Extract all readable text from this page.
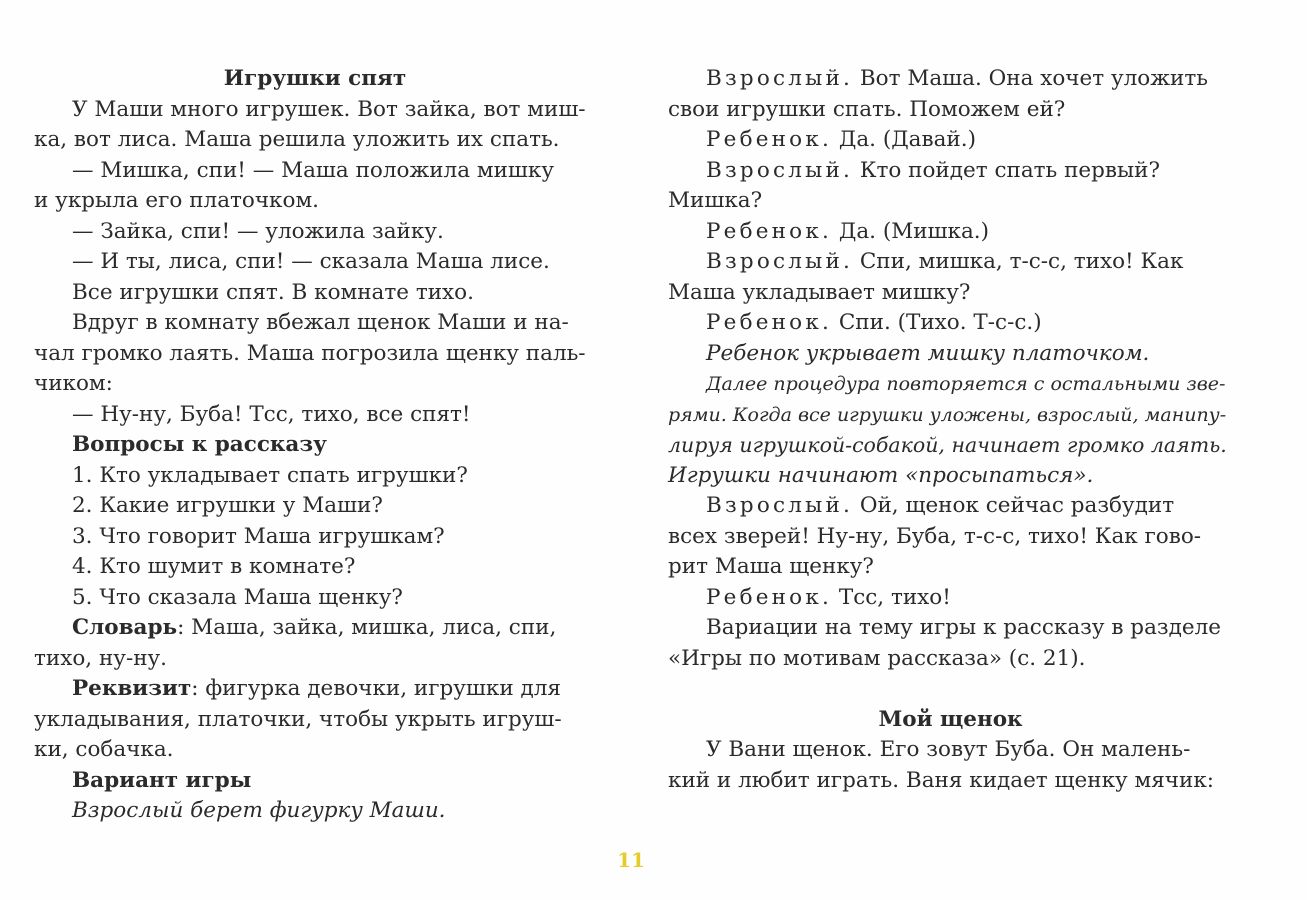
Игрушки спят

У Маши много игрушек. Вот зайка, вот миш-

ка, вот лиса. Маша решила уложить их спать.

— Мишка, спи! — Маша положила мишку

и укрыла его платочком.

— Зайка, спи! — уложила зайку.

— И ты, лиса, спи! — сказала Маша лисе.

Все игрушки спят. В комнате тихо.

Вдруг в комнату вбежал щенок Маши и на-

чал громко лаять. Маша погрозила щенку паль-

чиком:

— Ну-ну, Буба! Тсс, тихо, все спят!

Вопросы к рассказу

1. Кто укладывает спать игрушки?

2. Какие игрушки у Маши?

3. Что говорит Маша игрушкам?

4. Кто шумит в комнате?

5. Что сказала Маша щенку?

Словарь: Маша, зайка, мишка, лиса, спи,

тихо, ну-ну.

Реквизит: фигурка девочки, игрушки для

укладывания, платочки, чтобы укрыть игруш-

ки, собачка.

Вариант игры

Взрослый берет фигурку Маши.

Взрослый. Вот Маша. Она хочет уложить

свои игрушки спать. Поможем ей?

Ребенок. Да. (Давай.)

Взрослый. Кто пойдет спать первый?

Мишка?

Ребенок. Да. (Мишка.)

Взрослый. Спи, мишка, т-с-с, тихо! Как

Маша укладывает мишку?

Ребенок. Спи. (Тихо. Т-с-с.)

Ребенок укрывает мишку платочком.

Далее процедура повторяется с остальными зве-

рями. Когда все игрушки уложены, взрослый, манипу-

лируя игрушкой-собакой, начинает громко лаять.

Игрушки начинают «просыпаться».

Взрослый. Ой, щенок сейчас разбудит

всех зверей! Ну-ну, Буба, т-с-с, тихо! Как гово-

рит Маша щенку?

Ребенок. Тсс, тихо!

Вариации на тему игры к рассказу в разделе

«Игры по мотивам рассказа» (с. 21).

Мой щенок

У Вани щенок. Его зовут Буба. Он малень-

кий и любит играть. Ваня кидает щенку мячик:

11
